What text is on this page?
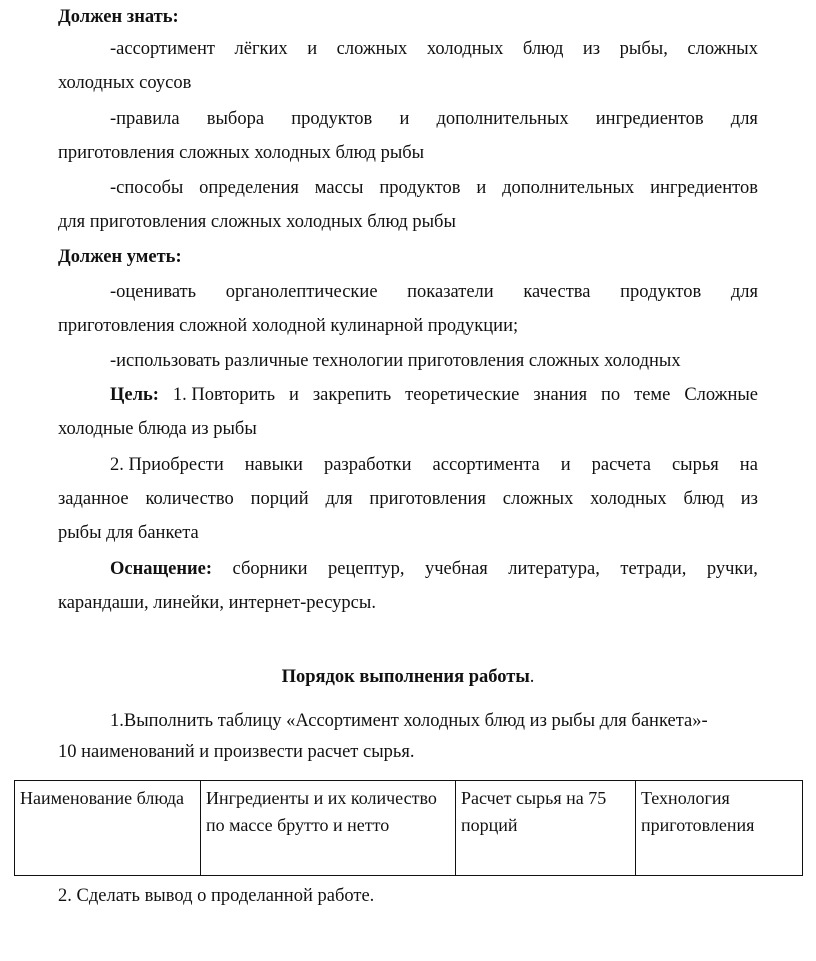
Должен знать:
-ассортимент лёгких и сложных холодных блюд из рыбы, сложных
холодных соусов
-правила выбора продуктов и дополнительных ингредиентов для
приготовления сложных холодных блюд рыбы
-способы определения массы продуктов и дополнительных ингредиентов
для приготовления сложных холодных блюд рыбы
Должен уметь:
-оценивать органолептические показатели качества продуктов для
приготовления сложной холодной кулинарной продукции;
-использовать различные технологии приготовления сложных холодных
Цель: 1. Повторить и закрепить теоретические знания по теме Сложные
холодные блюда из рыбы
2. Приобрести навыки разработки ассортимента и расчета сырья на
заданное количество порций для приготовления сложных холодных блюд из
рыбы для банкета
Оснащение: сборники рецептур, учебная литература, тетради, ручки,
карандаши, линейки, интернет-ресурсы.
Порядок выполнения работы.
1.Выполнить таблицу «Ассортимент холодных блюд из рыбы для банкета»-
10 наименований и произвести расчет сырья.
Наименование блюда	Ингредиенты и их количество по массе брутто и нетто	Расчет сырья на 75 порций	Технология приготовления
2. Сделать вывод о проделанной работе.
